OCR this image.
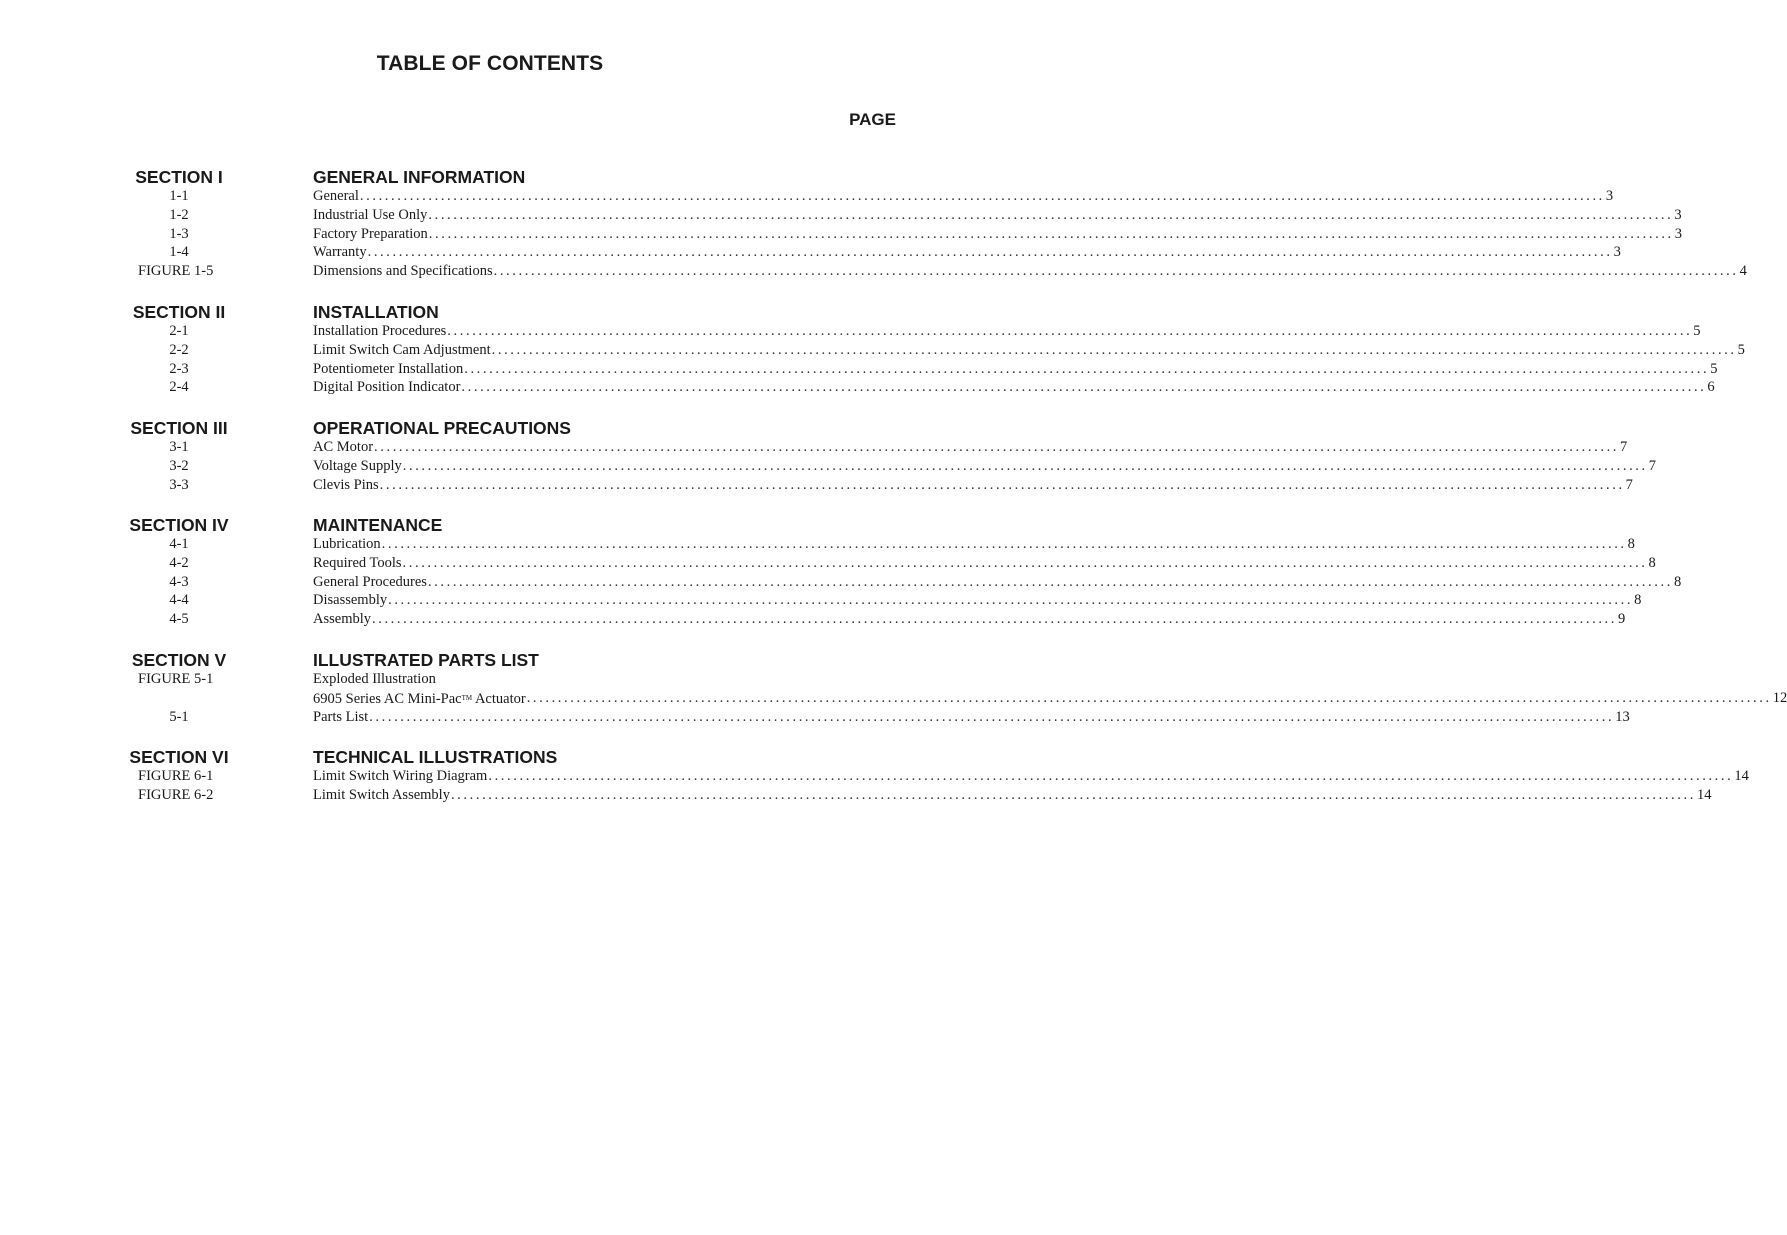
TABLE OF CONTENTS
PAGE
SECTION I	GENERAL INFORMATION
1-1	General ........................................................................................................................................................................................................ 3
1-2	Industrial Use Only ........................................................................................................................................................................................................ 3
1-3	Factory Preparation ........................................................................................................................................................................................................ 3
1-4	Warranty ........................................................................................................................................................................................................ 3
FIGURE 1-5	Dimensions and Specifications ........................................................................................................................................................................................................ 4
SECTION II	INSTALLATION
2-1	Installation Procedures ........................................................................................................................................................................................................ 5
2-2	Limit Switch Cam Adjustment ........................................................................................................................................................................................................ 5
2-3	Potentiometer Installation ........................................................................................................................................................................................................ 5
2-4	Digital Position Indicator ........................................................................................................................................................................................................ 6
SECTION III	OPERATIONAL PRECAUTIONS
3-1	AC Motor ........................................................................................................................................................................................................ 7
3-2	Voltage Supply ........................................................................................................................................................................................................ 7
3-3	Clevis Pins ........................................................................................................................................................................................................ 7
SECTION IV	MAINTENANCE
4-1	Lubrication ........................................................................................................................................................................................................ 8
4-2	Required Tools ........................................................................................................................................................................................................ 8
4-3	General Procedures ........................................................................................................................................................................................................ 8
4-4	Disassembly ........................................................................................................................................................................................................ 8
4-5	Assembly ........................................................................................................................................................................................................ 9
SECTION V	ILLUSTRATED PARTS LIST
FIGURE 5-1	Exploded Illustration
6905 Series AC Mini-Pac™ Actuator ........................................................................................................................................................................................................ 12
5-1	Parts List ........................................................................................................................................................................................................ 13
SECTION VI	TECHNICAL ILLUSTRATIONS
FIGURE 6-1	Limit Switch Wiring Diagram ........................................................................................................................................................................................................ 14
FIGURE 6-2	Limit Switch Assembly ........................................................................................................................................................................................................ 14
